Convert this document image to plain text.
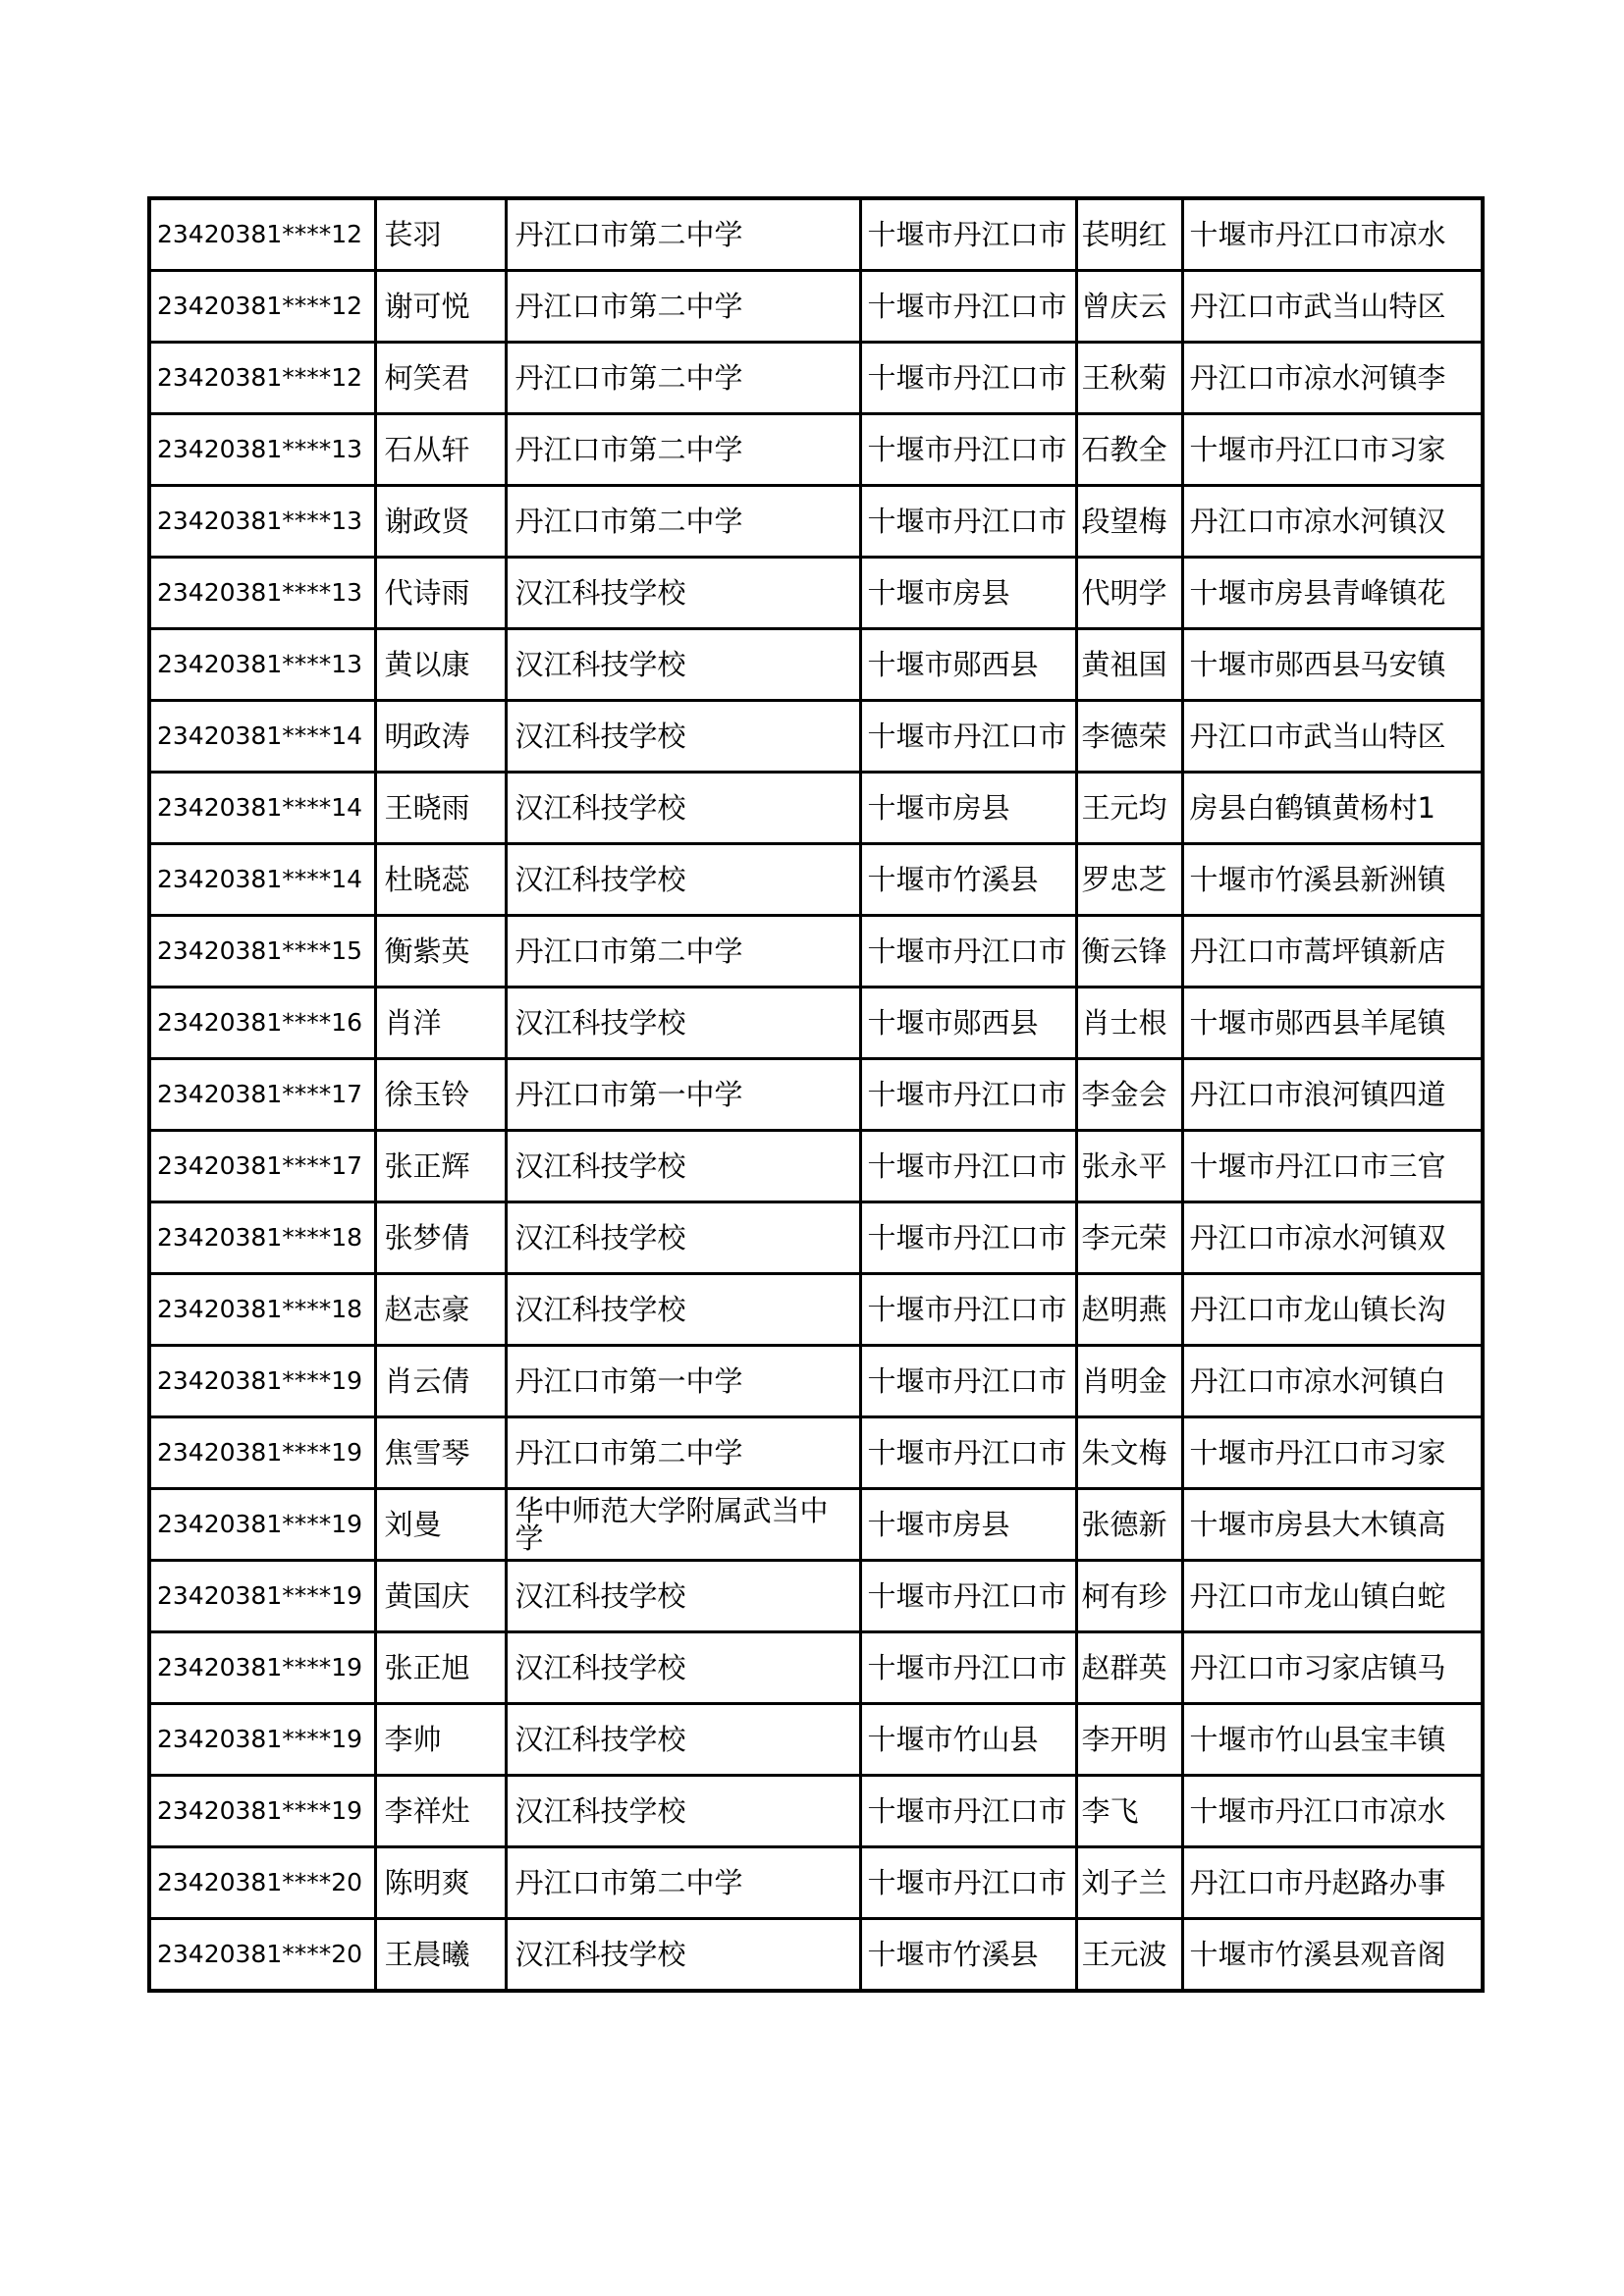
23420381****12	苌羽	丹江口市第二中学	十堰市丹江口市	苌明红	十堰市丹江口市凉水
23420381****12	谢可悦	丹江口市第二中学	十堰市丹江口市	曾庆云	丹江口市武当山特区
23420381****12	柯笑君	丹江口市第二中学	十堰市丹江口市	王秋菊	丹江口市凉水河镇李
23420381****13	石从轩	丹江口市第二中学	十堰市丹江口市	石教全	十堰市丹江口市习家
23420381****13	谢政贤	丹江口市第二中学	十堰市丹江口市	段望梅	丹江口市凉水河镇汉
23420381****13	代诗雨	汉江科技学校	十堰市房县	代明学	十堰市房县青峰镇花
23420381****13	黄以康	汉江科技学校	十堰市郧西县	黄祖国	十堰市郧西县马安镇
23420381****14	明政涛	汉江科技学校	十堰市丹江口市	李德荣	丹江口市武当山特区
23420381****14	王晓雨	汉江科技学校	十堰市房县	王元均	房县白鹤镇黄杨村1
23420381****14	杜晓蕊	汉江科技学校	十堰市竹溪县	罗忠芝	十堰市竹溪县新洲镇
23420381****15	衡紫英	丹江口市第二中学	十堰市丹江口市	衡云锋	丹江口市蒿坪镇新店
23420381****16	肖洋	汉江科技学校	十堰市郧西县	肖士根	十堰市郧西县羊尾镇
23420381****17	徐玉铃	丹江口市第一中学	十堰市丹江口市	李金会	丹江口市浪河镇四道
23420381****17	张正辉	汉江科技学校	十堰市丹江口市	张永平	十堰市丹江口市三官
23420381****18	张梦倩	汉江科技学校	十堰市丹江口市	李元荣	丹江口市凉水河镇双
23420381****18	赵志豪	汉江科技学校	十堰市丹江口市	赵明燕	丹江口市龙山镇长沟
23420381****19	肖云倩	丹江口市第一中学	十堰市丹江口市	肖明金	丹江口市凉水河镇白
23420381****19	焦雪琴	丹江口市第二中学	十堰市丹江口市	朱文梅	十堰市丹江口市习家
23420381****19	刘曼	华中师范大学附属武当中学	十堰市房县	张德新	十堰市房县大木镇高
23420381****19	黄国庆	汉江科技学校	十堰市丹江口市	柯有珍	丹江口市龙山镇白蛇
23420381****19	张正旭	汉江科技学校	十堰市丹江口市	赵群英	丹江口市习家店镇马
23420381****19	李帅	汉江科技学校	十堰市竹山县	李开明	十堰市竹山县宝丰镇
23420381****19	李祥灶	汉江科技学校	十堰市丹江口市	李飞	十堰市丹江口市凉水
23420381****20	陈明爽	丹江口市第二中学	十堰市丹江口市	刘子兰	丹江口市丹赵路办事
23420381****20	王晨曦	汉江科技学校	十堰市竹溪县	王元波	十堰市竹溪县观音阁
